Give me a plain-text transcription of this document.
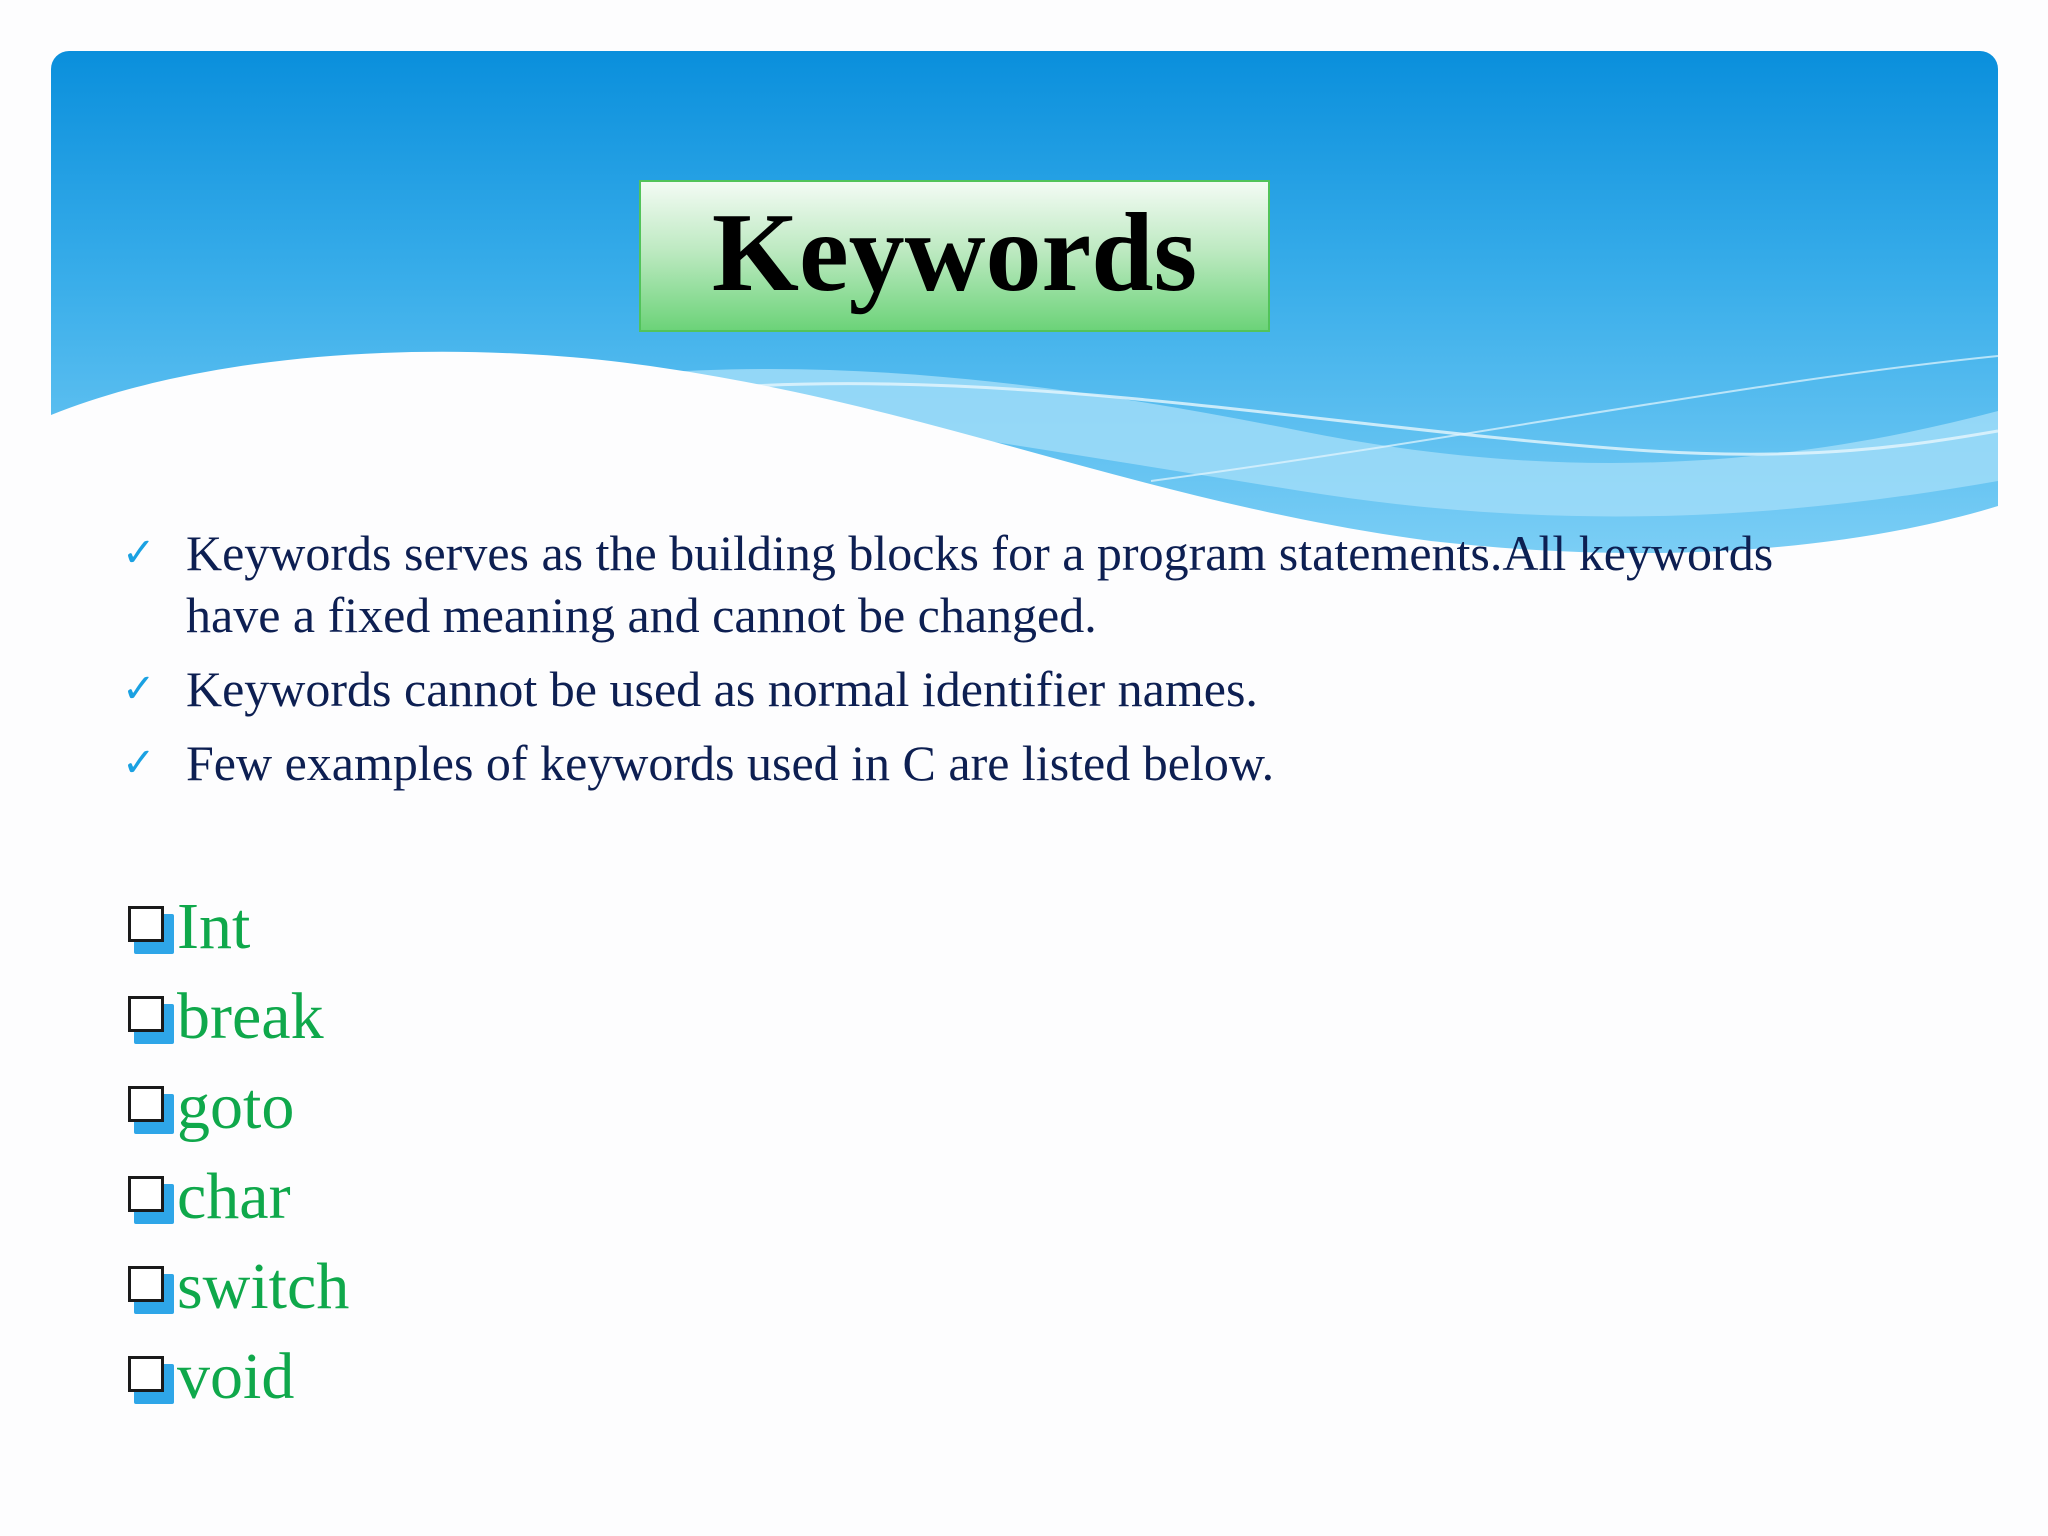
Keywords
✓ Keywords serves as the building blocks for a program statements.All keywords have a fixed meaning and cannot be changed.
✓ Keywords cannot be used as normal identifier names.
✓ Few examples of keywords used in C are listed below.
Int
break
goto
char
switch
void
